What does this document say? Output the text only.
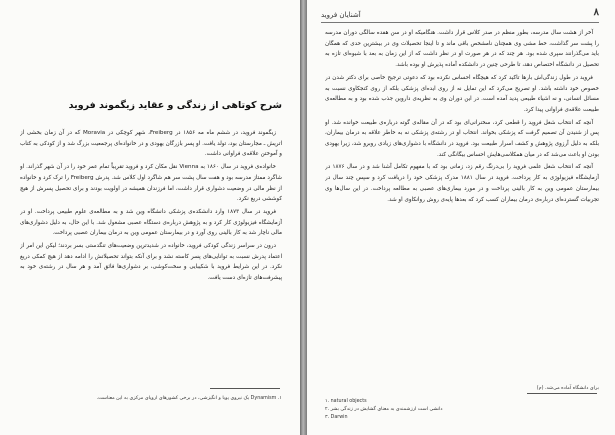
شرح کوتاهی از زندگی و عقاید زیگموند فروید

زیگموند فروید، در ششم ماه مه ۱۸۵۶ در Freiberg، شهر کوچکی در Moravia که در آن زمان بخشی از اتریش ـ مجارستان بود، تولد یافت. او پسر بازرگان یهودی و در خانواده‌ای پرجمعیت بزرگ شد و از کودکی به کتاب و آموختن علاقه‌ی فراوانی داشت.

خانواده‌ی فروید در سال ۱۸۶۰ به Vienna نقل مکان کرد و فروید تقریباً تمام عمر خود را در آن شهر گذراند. او شاگرد ممتاز مدرسه بود و هفت سال پشت سر هم شاگرد اول کلاس شد. پدرش Freiberg را ترک کرد و خانواده از نظر مالی در وضعیت دشواری قرار داشت، اما فرزندان همیشه در اولویت بودند و برای تحصیل پسرش از هیچ کوششی دریغ نکرد.

فروید در سال ۱۸۷۳ وارد دانشکده‌ی پزشکی دانشگاه وین شد و به مطالعه‌ی علوم طبیعی پرداخت. او در آزمایشگاه فیزیولوژی کار کرد و به پژوهش درباره‌ی دستگاه عصبی مشغول شد. با این حال، به دلیل دشواری‌های مالی ناچار شد به کار بالینی روی آورد و در بیمارستان عمومی وین به درمان بیماران عصبی پرداخت.

درون در سراسر زندگی کودکی فروید، خانواده در شدیدترین وضعیت‌های تنگدستی بسر بردند؛ لیکن این امر از اعتماد پدرش نسبت به توانایی‌های پسر کاسته نشد و برای آنکه بتواند تحصیلاتش را ادامه دهد از هیچ کمکی دریغ نکرد. در این شرایط فروید با شکیبایی و سخت‌کوشی، بر دشواری‌ها فائق آمد و هر سال در رشته‌ی خود به پیشرفت‌های تازه‌ای دست یافت.

۱. Dynamism یک نیروی پویا و انگیزشی، در برخی کشورهای اروپای مرکزی به این معناست.
۸
آشنایان فروید

آخر از هشت سال مدرسه، بطور منظم در صدر کلاس قرار داشت. هنگامیکه او در سن هفده سالگی دوران مدرسه را پشت سر گذاشت، خط مشی وی همچنان نامشخص باقی ماند و تا اینجا تحصیلات وی در بیشترین حدی که همگان باید می‌گذرانند سپری شده بود. هر چند که در هر صورت او در نظر داشت که از این زمان به بعد با شیوه‌ای تازه به تحصیل در دانشگاه اختصاص دهد، تا طرحی چنین در دانشکده آماده پذیرش او بوده باشد.

فروید در طول زندگی‌اش بارها تاکید کرد که هیچگاه احساس نکرده بود که دعوتی ترجیح خاصی برای دکتر شدن در خصوص خود داشته باشد. او تصریح می‌کرد که این تمایل نه از روی ایده‌ای پزشکی بلکه از روی کنجکاوی نسبت به مسائل انسانی، و نه اشیاء طبیعی پدید آمده است. در این دوران وی به نظریه‌ی داروین جذب شده بود و به مطالعه‌ی طبیعت علاقه‌ی فراوانی پیدا کرد.

آنچه که انتخاب شغل فروید را قطعی کرد، سخنرانی‌ای بود که در آن مقاله‌ی گوته درباره‌ی طبیعت خوانده شد. او پس از شنیدن آن تصمیم گرفت که پزشکی بخواند. انتخاب او در رشته‌ی پزشکی نه به خاطر علاقه به درمان بیماران، بلکه به دلیل آرزوی پژوهش و کشف اسرار طبیعت بود. فروید در دانشگاه با دشواری‌های زیادی روبرو شد، زیرا یهودی بودن او باعث می‌شد که در میان همکلاسی‌هایش احساس بیگانگی کند.

آنچه که انتخاب شغل علمی فروید را بی‌درنگ رقم زد، زمانی بود که با مفهوم تکامل آشنا شد و در سال ۱۸۷۶ در آزمایشگاه فیزیولوژی به کار پرداخت. فروید در سال ۱۸۸۱ مدرک پزشکی خود را دریافت کرد و سپس چند سال در بیمارستان عمومی وین به کار بالینی پرداخت و در مورد بیماری‌های عصبی به مطالعه پرداخت. در این سال‌ها وی تجربیات گسترده‌ای درباره‌ی درمان بیماران کسب کرد که بعدها پایه‌ی روش روانکاوی او شد.

برای دانشگاه آماده می‌شد. (م)
۱. natural objects
۲. دانشی است ارزشمندی به معنای گشایش در زندگی بشر
۳. Darwin
